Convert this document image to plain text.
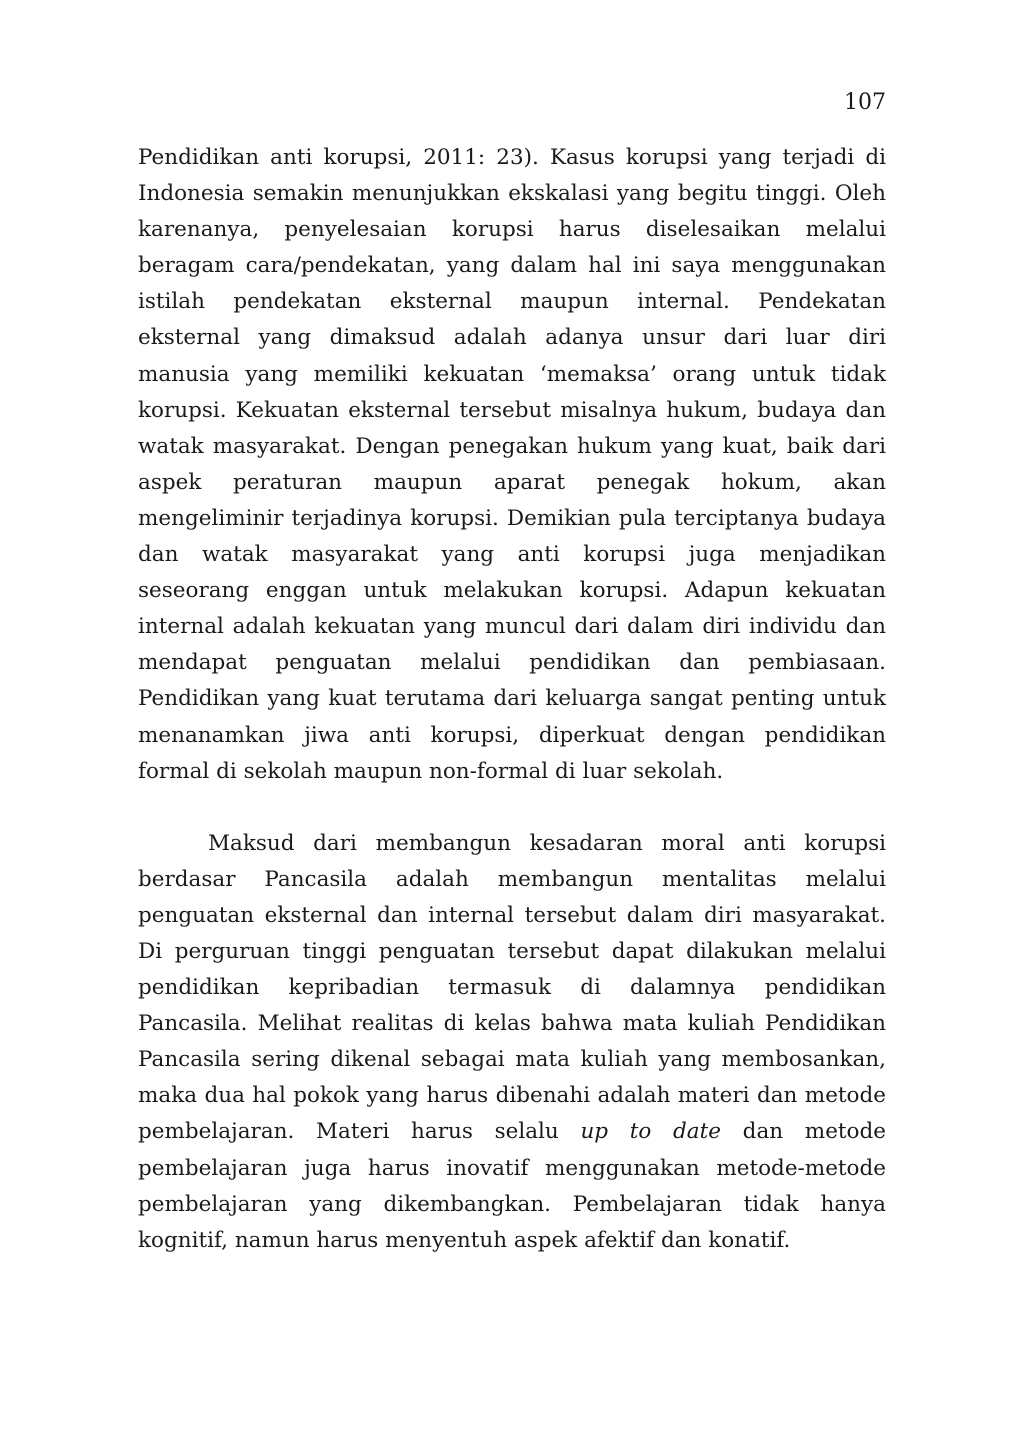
107

Pendidikan anti korupsi, 2011: 23). Kasus korupsi yang terjadi di Indonesia semakin menunjukkan ekskalasi yang begitu tinggi. Oleh karenanya, penyelesaian korupsi harus diselesaikan melalui beragam cara/pendekatan, yang dalam hal ini saya menggunakan istilah pendekatan eksternal maupun internal. Pendekatan eksternal yang dimaksud adalah adanya unsur dari luar diri manusia yang memiliki kekuatan ‘memaksa’ orang untuk tidak korupsi. Kekuatan eksternal tersebut misalnya hukum, budaya dan watak masyarakat. Dengan penegakan hukum yang kuat, baik dari aspek peraturan maupun aparat penegak hokum, akan mengeliminir terjadinya korupsi. Demikian pula terciptanya budaya dan watak masyarakat yang anti korupsi juga menjadikan seseorang enggan untuk melakukan korupsi. Adapun kekuatan internal adalah kekuatan yang muncul dari dalam diri individu dan mendapat penguatan melalui pendidikan dan pembiasaan. Pendidikan yang kuat terutama dari keluarga sangat penting untuk menanamkan jiwa anti korupsi, diperkuat dengan pendidikan formal di sekolah maupun non-formal di luar sekolah.

Maksud dari membangun kesadaran moral anti korupsi berdasar Pancasila adalah membangun mentalitas melalui penguatan eksternal dan internal tersebut dalam diri masyarakat. Di perguruan tinggi penguatan tersebut dapat dilakukan melalui pendidikan kepribadian termasuk di dalamnya pendidikan Pancasila. Melihat realitas di kelas bahwa mata kuliah Pendidikan Pancasila sering dikenal sebagai mata kuliah yang membosankan, maka dua hal pokok yang harus dibenahi adalah materi dan metode pembelajaran. Materi harus selalu up to date dan metode pembelajaran juga harus inovatif menggunakan metode-metode pembelajaran yang dikembangkan. Pembelajaran tidak hanya kognitif, namun harus menyentuh aspek afektif dan konatif.
